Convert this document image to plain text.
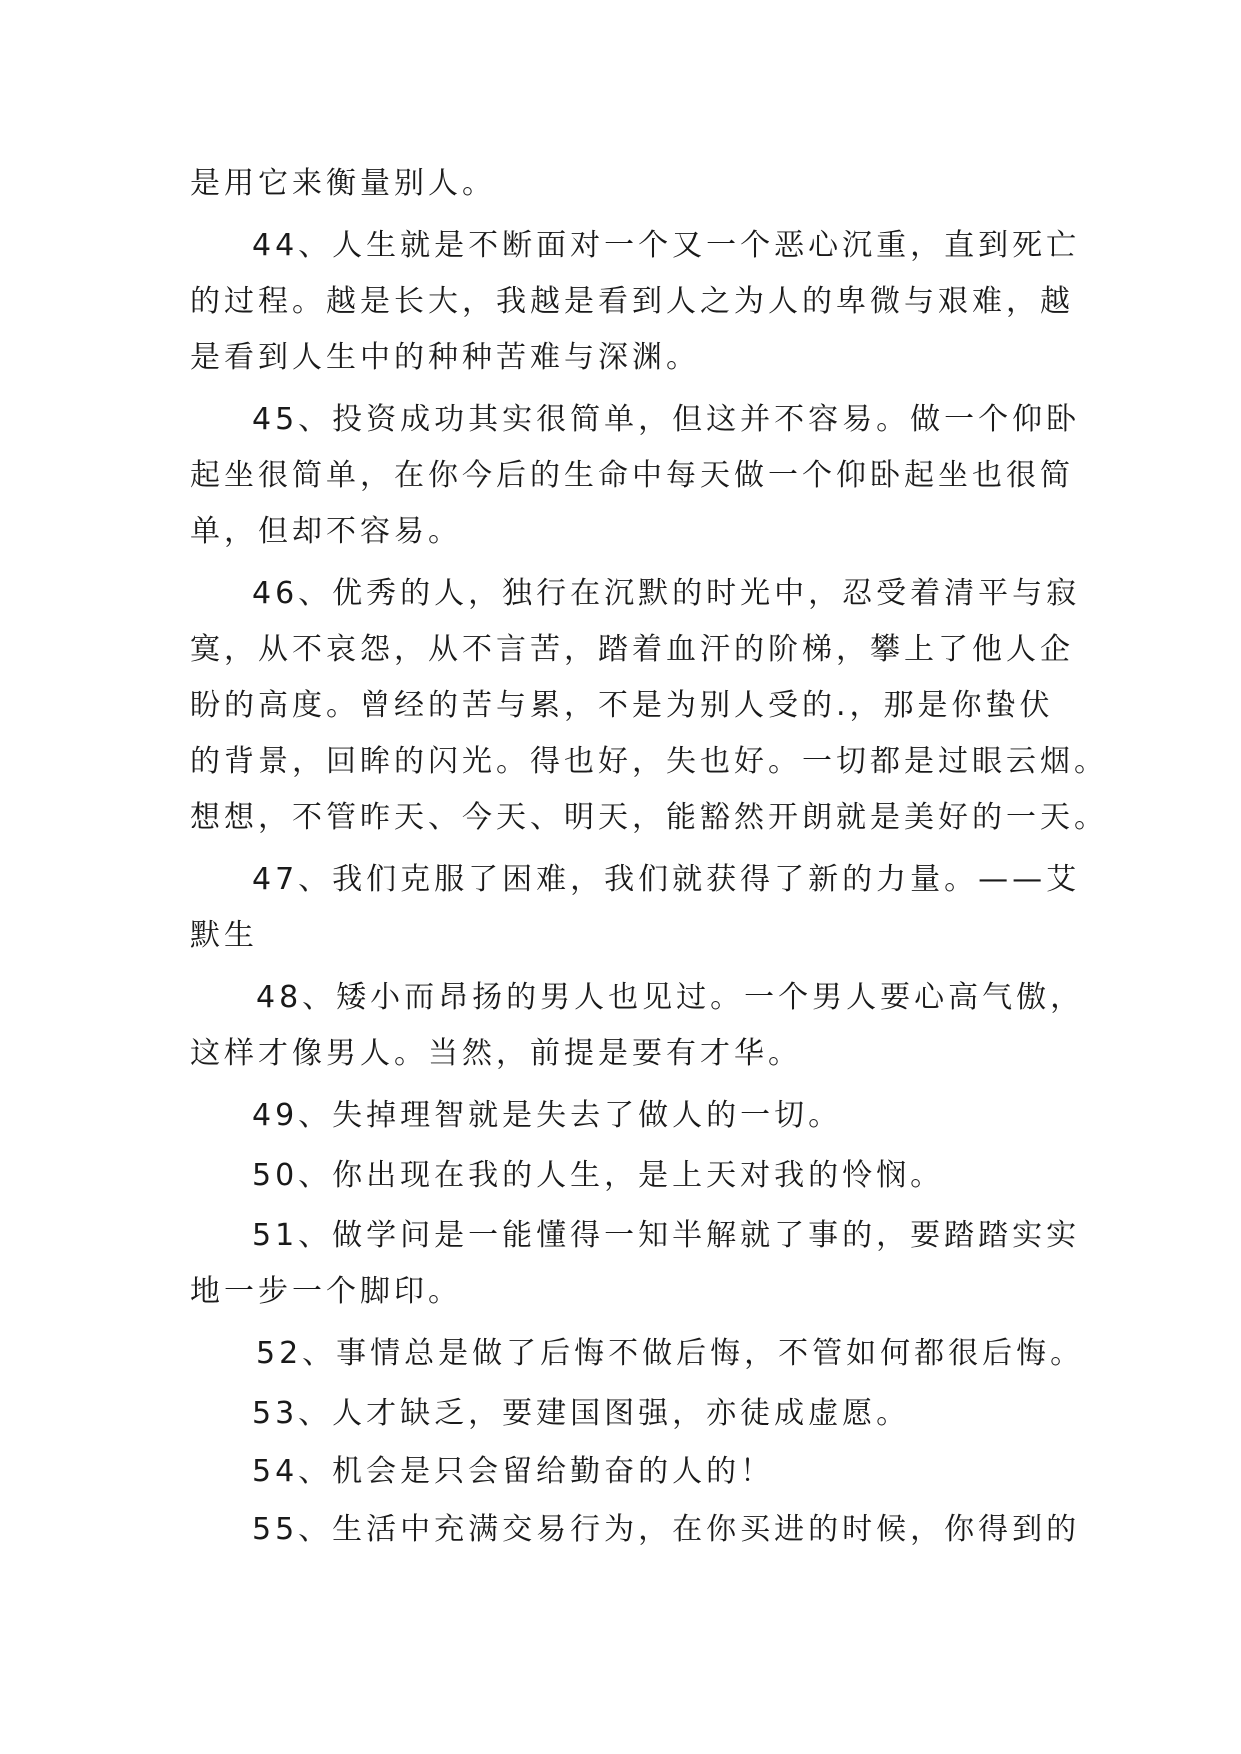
是用它来衡量别人。
44、人生就是不断面对一个又一个恶心沉重，直到死亡
的过程。越是长大，我越是看到人之为人的卑微与艰难，越
是看到人生中的种种苦难与深渊。
45、投资成功其实很简单，但这并不容易。做一个仰卧
起坐很简单，在你今后的生命中每天做一个仰卧起坐也很简
单，但却不容易。
46、优秀的人，独行在沉默的时光中，忍受着清平与寂
寞，从不哀怨，从不言苦，踏着血汗的阶梯，攀上了他人企
盼的高度。曾经的苦与累，不是为别人受的.，那是你蛰伏
的背景，回眸的闪光。得也好，失也好。一切都是过眼云烟。
想想，不管昨天、今天、明天，能豁然开朗就是美好的一天。
47、我们克服了困难，我们就获得了新的力量。——艾
默生
48、矮小而昂扬的男人也见过。一个男人要心高气傲，
这样才像男人。当然，前提是要有才华。
49、失掉理智就是失去了做人的一切。
50、你出现在我的人生，是上天对我的怜悯。
51、做学问是一能懂得一知半解就了事的，要踏踏实实
地一步一个脚印。
52、事情总是做了后悔不做后悔，不管如何都很后悔。
53、人才缺乏，要建国图强，亦徒成虚愿。
54、机会是只会留给勤奋的人的！
55、生活中充满交易行为，在你买进的时候，你得到的
